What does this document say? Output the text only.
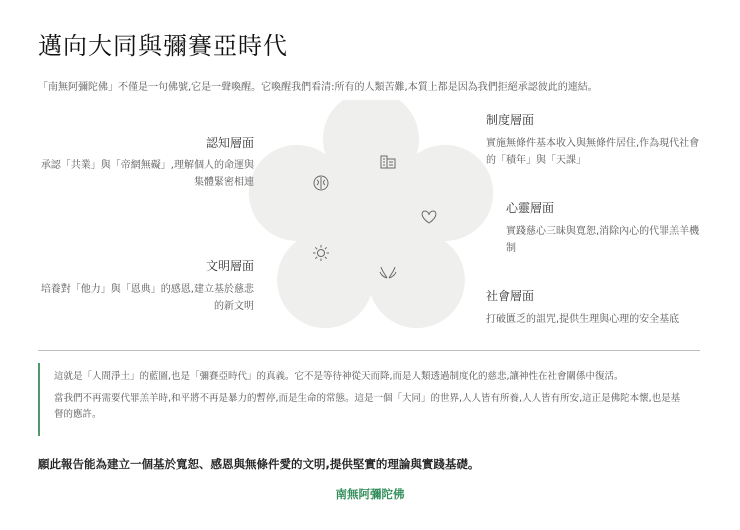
邁向大同與彌賽亞時代
「南無阿彌陀佛」不僅是一句佛號,它是一聲喚醒。它喚醒我們看清:所有的人類苦難,本質上都是因為我們拒絕承認彼此的連結。
認知層面
承認「共業」與「帝網無礙」,理解個人的命運與
集體緊密相連
制度層面
實施無條件基本收入與無條件居住,作為現代社會
的「積年」與「天課」
心靈層面
實踐慈心三昧與寬恕,消除內心的代罪羔羊機
制
文明層面
培養對「他力」與「恩典」的感恩,建立基於慈悲
的新文明
社會層面
打破匱乏的詛咒,提供生理與心理的安全基底

這就是「人間淨土」的藍圖,也是「彌賽亞時代」的真義。它不是等待神從天而降,而是人類透過制度化的慈悲,讓神性在社會關係中復活。

當我們不再需要代罪羔羊時,和平將不再是暴力的暫停,而是生命的常態。這是一個「大同」的世界,人人皆有所養,人人皆有所安,這正是佛陀本懷,也是基
督的應許。

願此報告能為建立一個基於寬恕、感恩與無條件愛的文明,提供堅實的理論與實踐基礎。
南無阿彌陀佛
